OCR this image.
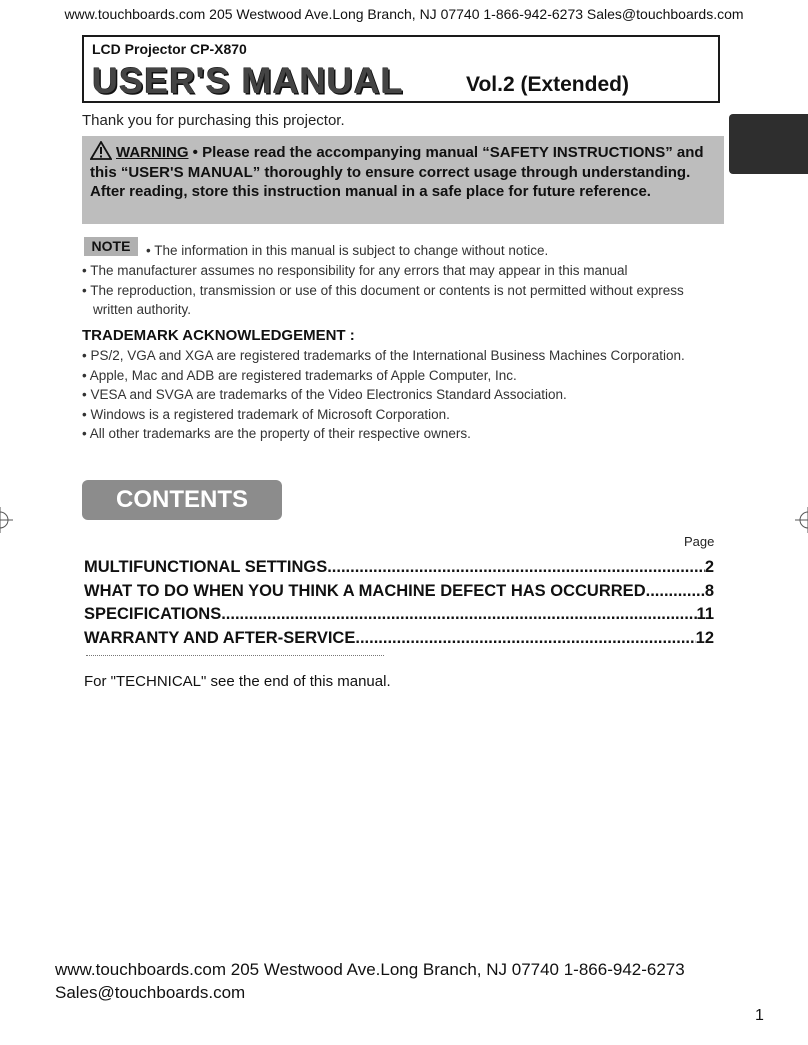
www.touchboards.com 205 Westwood Ave.Long Branch, NJ 07740 1-866-942-6273 Sales@touchboards.com
LCD Projector CP-X870
USER'S MANUAL	Vol.2 (Extended)
Thank you for purchasing this projector.
WARNING • Please read the accompanying manual “SAFETY INSTRUCTIONS” and this “USER'S MANUAL” thoroughly to ensure correct usage through understanding. After reading, store this instruction manual in a safe place for future reference.
NOTE	• The information in this manual is subject to change without notice.
• The manufacturer assumes no responsibility for any errors that may appear in this manual
• The reproduction, transmission or use of this document or contents is not permitted without express written authority.
TRADEMARK ACKNOWLEDGEMENT :
• PS/2, VGA and XGA are registered trademarks of the International Business Machines Corporation.
• Apple, Mac and ADB are registered trademarks of Apple Computer, Inc.
• VESA and SVGA are trademarks of the Video Electronics Standard Association.
• Windows is a registered trademark of Microsoft Corporation.
• All other trademarks are the property of their respective owners.
CONTENTS
Page
MULTIFUNCTIONAL SETTINGS .....	2
WHAT TO DO WHEN YOU THINK A MACHINE DEFECT HAS OCCURRED .....	8
SPECIFICATIONS .....	11
WARRANTY AND AFTER-SERVICE .....	12
For "TECHNICAL" see the end of this manual.
www.touchboards.com 205 Westwood Ave.Long Branch, NJ 07740 1-866-942-6273
Sales@touchboards.com
1
